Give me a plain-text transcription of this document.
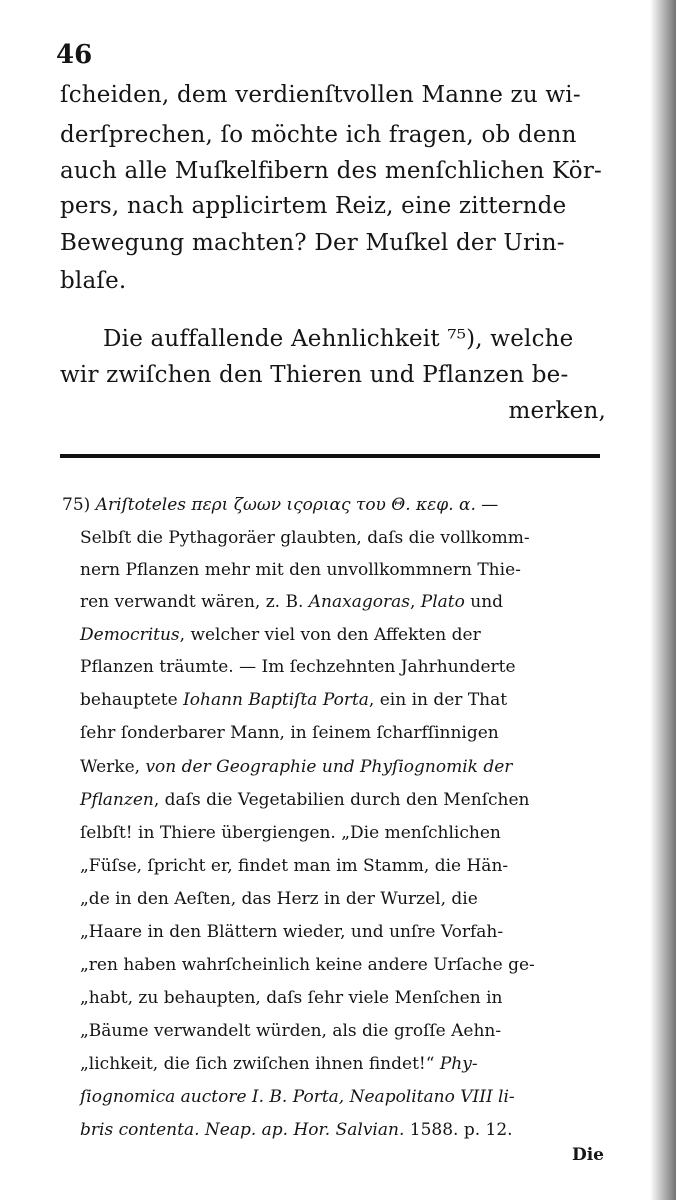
46
ſcheiden, dem verdienſtvollen Manne zu wi-
derſprechen, ſo möchte ich fragen, ob denn
auch alle Muſkelfibern des menſchlichen Kör-
pers, nach applicirtem Reiz, eine zitternde
Bewegung machten? Der Muſkel der Urin-
blaſe.
Die auffallende Aehnlichkeit ⁷⁵), welche
wir zwiſchen den Thieren und Pflanzen be-
merken,
75) Ariſtoteles περι ζωων ιςοριας του Θ. κεφ. α. —
Selbſt die Pythagoräer glaubten, daſs die vollkomm-
nern Pflanzen mehr mit den unvollkommnern Thie-
ren verwandt wären, z. B. Anaxagoras, Plato und
Democritus, welcher viel von den Affekten der
Pflanzen träumte. — Im ſechzehnten Jahrhunderte
behauptete Iohann Baptiſta Porta, ein in der That
ſehr ſonderbarer Mann, in ſeinem ſcharfſinnigen
Werke, von der Geographie und Phyſiognomik der
Pflanzen, daſs die Vegetabilien durch den Menſchen
ſelbſt! in Thiere übergiengen. „Die menſchlichen
„Füſse, ſpricht er, findet man im Stamm, die Hän-
„de in den Aeſten, das Herz in der Wurzel, die
„Haare in den Blättern wieder, und unſre Vorfah-
„ren haben wahrſcheinlich keine andere Urſache ge-
„habt, zu behaupten, daſs ſehr viele Menſchen in
„Bäume verwandelt würden, als die groſſe Aehn-
„lichkeit, die ſich zwiſchen ihnen findet!“ Phy-
ſiognomica auctore I. B. Porta, Neapolitano VIII li-
bris contenta. Neap. ap. Hor. Salvian. 1588. p. 12.
Die
